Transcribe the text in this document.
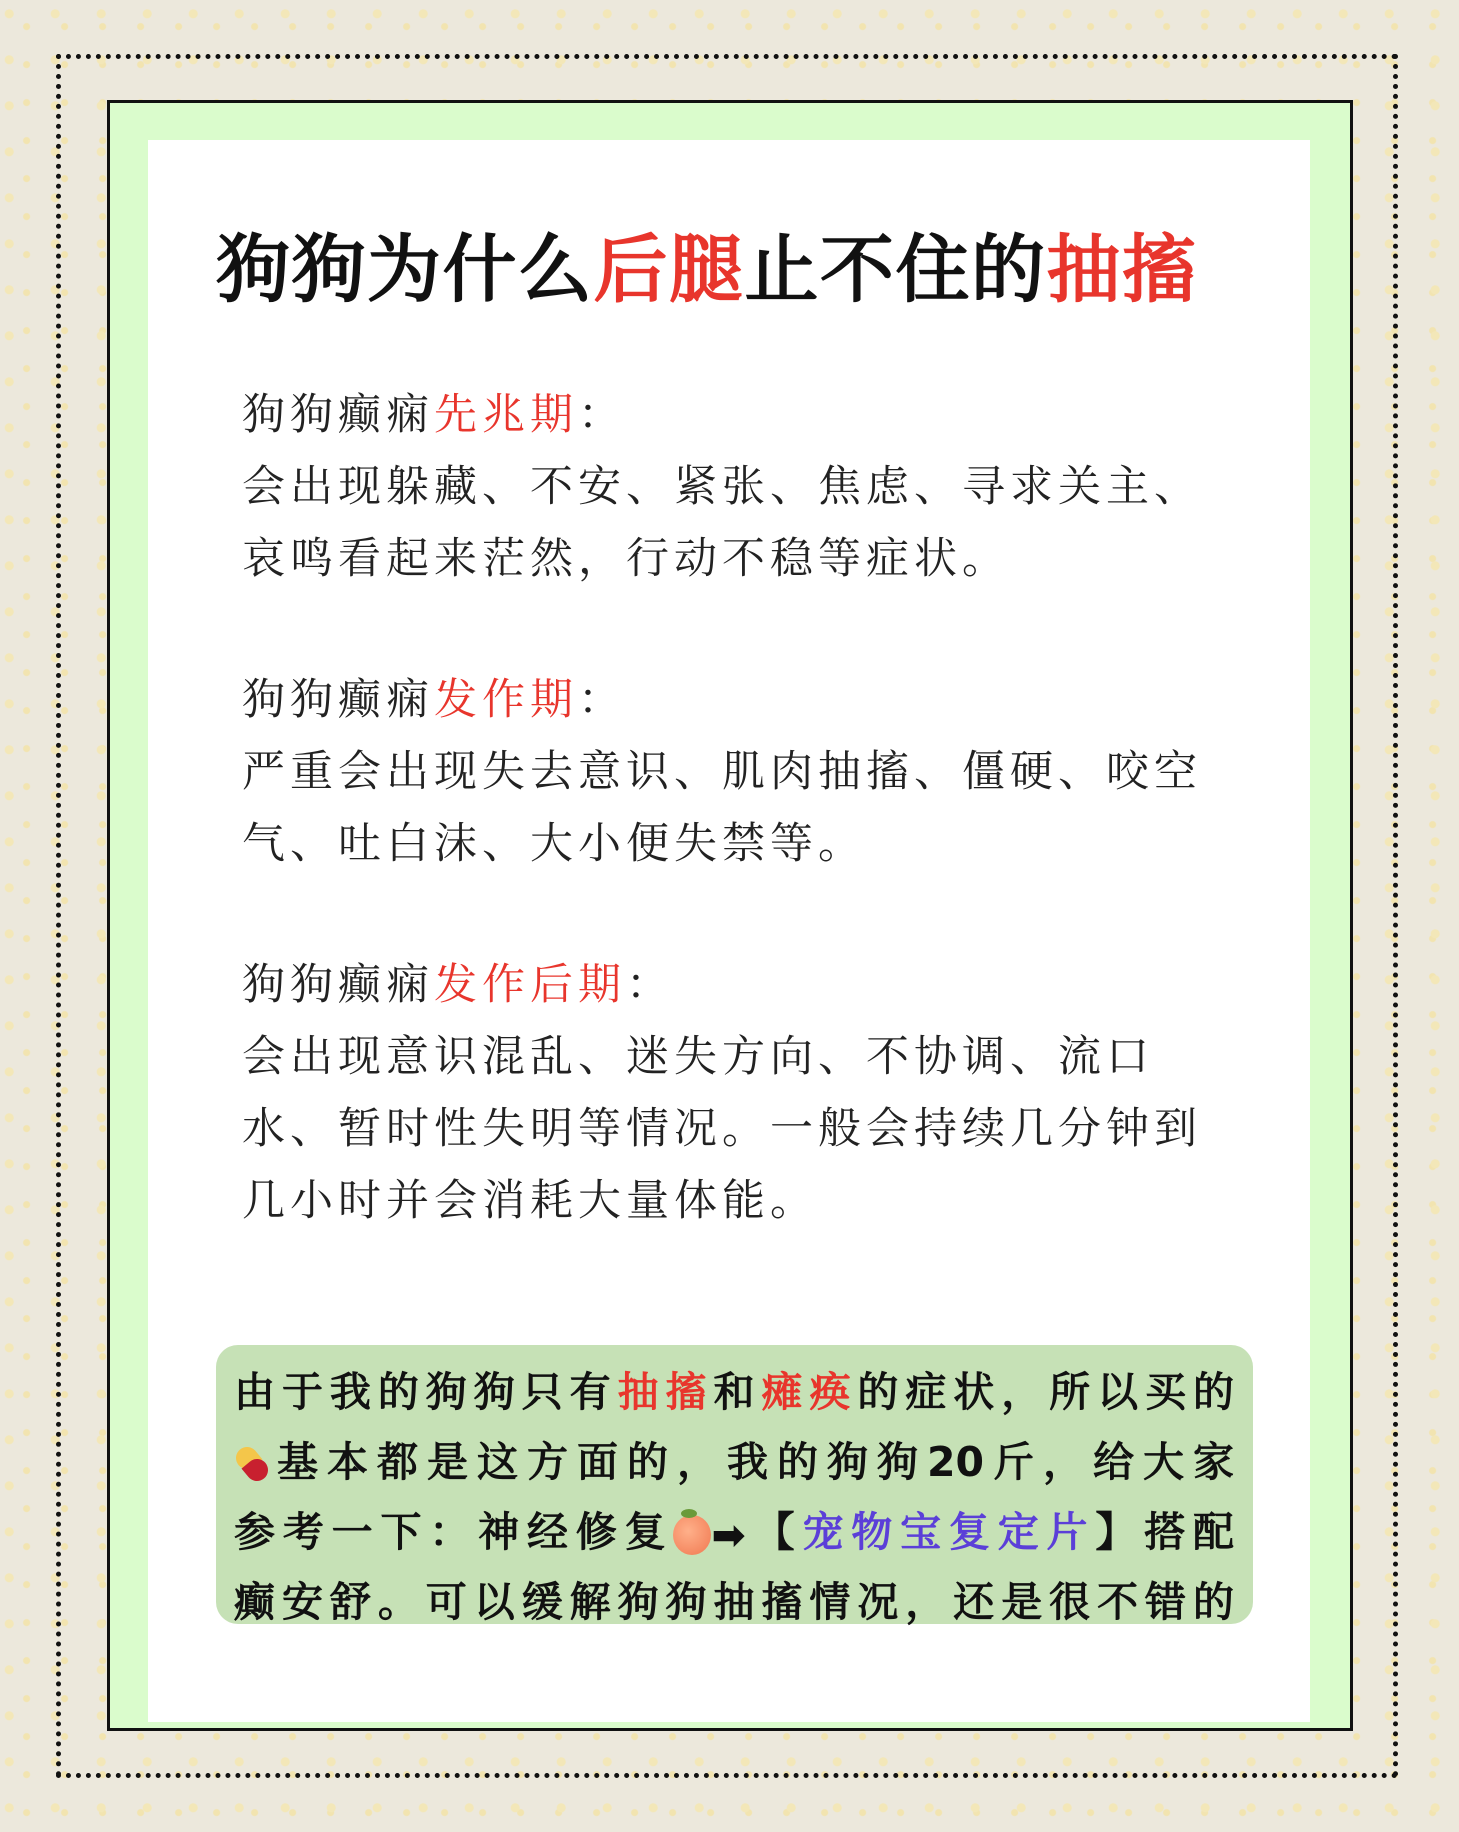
狗狗为什么后腿止不住的抽搐
狗狗癫痫先兆期：
会出现躲藏、不安、紧张、焦虑、寻求关主、
哀鸣看起来茫然，行动不稳等症状。
狗狗癫痫发作期：
严重会出现失去意识、肌肉抽搐、僵硬、咬空
气、吐白沫、大小便失禁等。
狗狗癫痫发作后期：
会出现意识混乱、迷失方向、不协调、流口
水、暂时性失明等情况。一般会持续几分钟到
几小时并会消耗大量体能。
由于我的狗狗只有抽搐和瘫痪的症状，所以买的
基本都是这方面的，我的狗狗20斤，给大家
参考一下：神经修复 ➡【宠物宝复定片】搭配
癫安舒。可以缓解狗狗抽搐情况，还是很不错的
